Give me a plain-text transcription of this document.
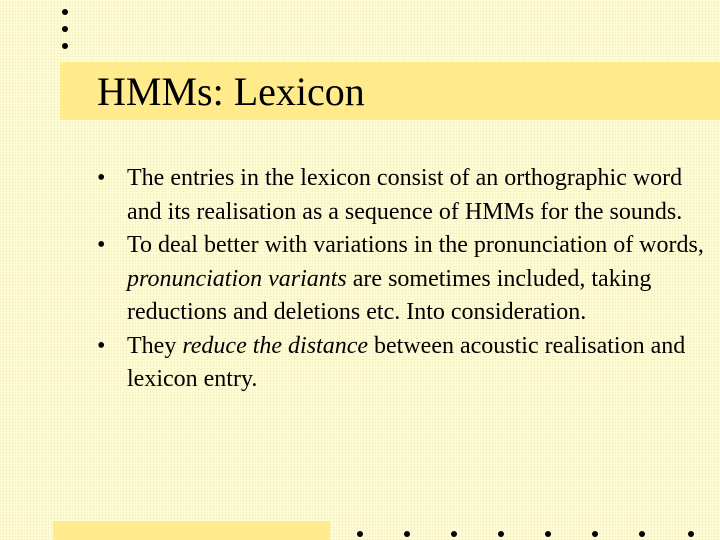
HMMs: Lexicon
• The entries in the lexicon consist of an orthographic word and its realisation as a sequence of HMMs for the sounds.
• To deal better with variations in the pronunciation of words, pronunciation variants are sometimes included, taking reductions and deletions etc. Into consideration.
• They reduce the distance between acoustic realisation and lexicon entry.
